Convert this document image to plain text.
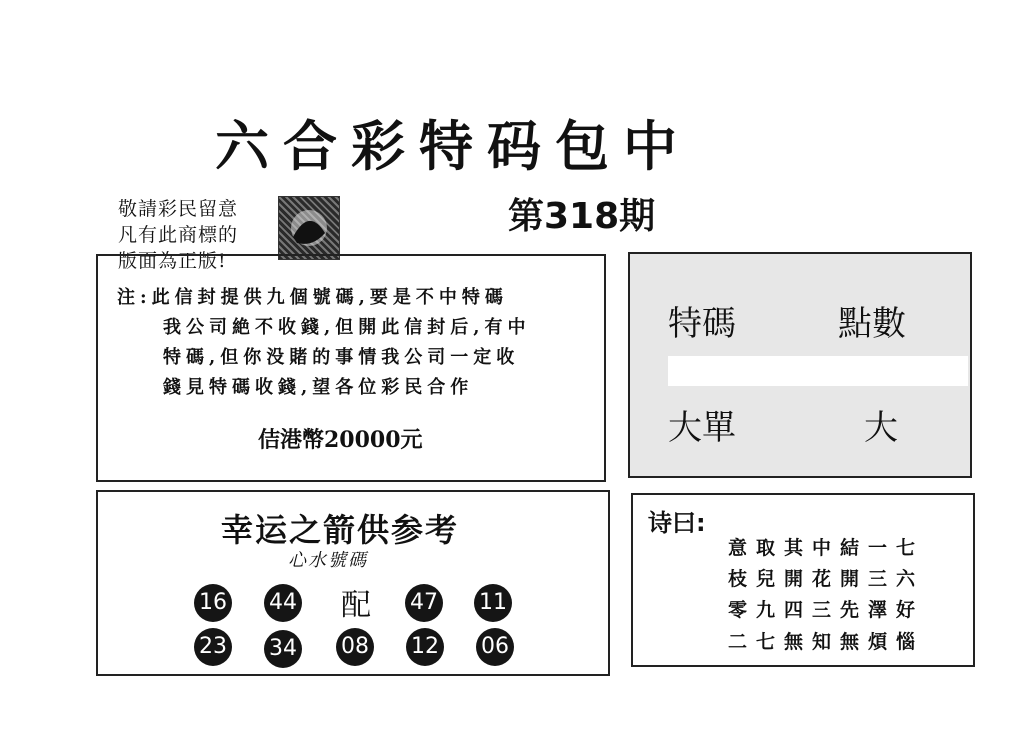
六合彩特码包中
第318期
敬請彩民留意
凡有此商標的
版面為正版!
注:此信封提供九個號碼,要是不中特碼
　　我公司絶不收錢,但開此信封后,有中
　　特碼,但你没賭的事情我公司一定收
　　錢見特碼收錢,望各位彩民合作
佶港幣20000元
特碼	點數
大單	大
幸运之箭供参考
心水號碼
16 44 配 47 11
23 34 08 12 06
诗曰:
意取其中結一七
枝兒開花開三六
零九四三先澤好
二七無知無煩惱
